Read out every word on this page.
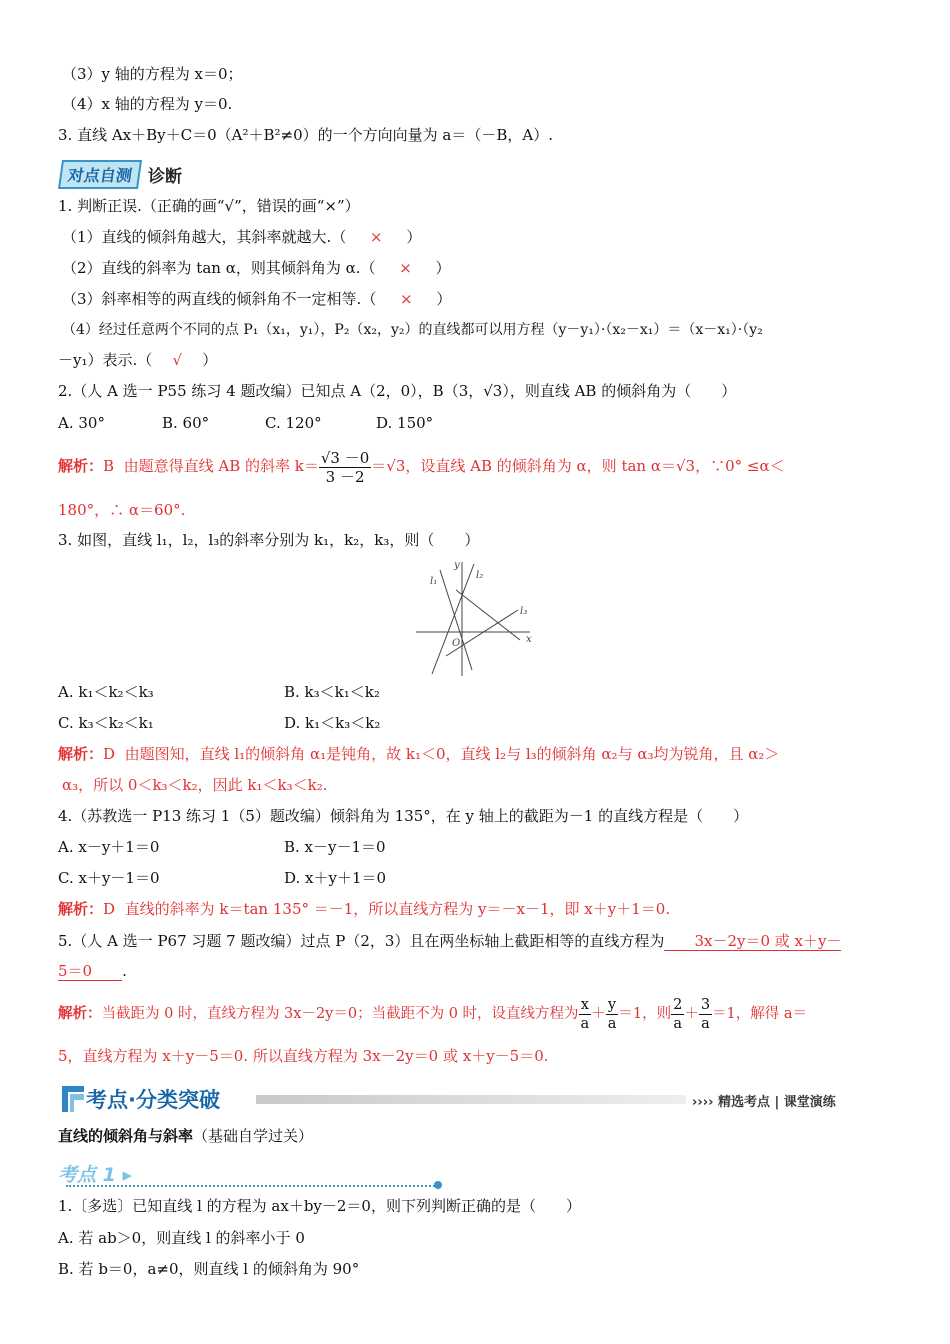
（3）y 轴的方程为 x＝0；
（4）x 轴的方程为 y＝0.
3. 直线 Ax＋By＋C＝0（A²＋B²≠0）的一个方向向量为 a＝（－B，A）.
对点自测 诊断
1. 判断正误.（正确的画“√”，错误的画“×”）
（1）直线的倾斜角越大，其斜率就越大.（ × ）
（2）直线的斜率为 tan α，则其倾斜角为 α.（ × ）
（3）斜率相等的两直线的倾斜角不一定相等.（ × ）
（4）经过任意两个不同的点 P₁（x₁，y₁），P₂（x₂，y₂）的直线都可以用方程（y－y₁）·（x₂－x₁）＝（x－x₁）·（y₂
－y₁）表示.（ √ ）
2.（人 A 选一 P55 练习 4 题改编）已知点 A（2，0），B（3，√3），则直线 AB 的倾斜角为（　　）
A. 30°	B. 60°	C. 120°	D. 150°
解析：B 由题意得直线 AB 的斜率 $k= \frac{√3 -0}{3 -2} =√3$，设直线 AB 的倾斜角为 α，则 tan α＝√3，∵0° ≤α＜
180°，∴ α＝60°.
3. 如图，直线 l₁，l₂，l₃的斜率分别为 k₁，k₂，k₃，则（　　）
l₁
l₂
l₃
x
y
O
A. k₁＜k₂＜k₃	B. k₃＜k₁＜k₂
C. k₃＜k₂＜k₁	D. k₁＜k₃＜k₂
解析：D 由题图知，直线 l₁的倾斜角 α₁是钝角，故 k₁＜0，直线 l₂与 l₃的倾斜角 α₂与 α₃均为锐角，且 α₂＞
α₃，所以 0＜k₃＜k₂，因此 k₁＜k₃＜k₂.
4.（苏教选一 P13 练习 1（5）题改编）倾斜角为 135°，在 y 轴上的截距为－1 的直线方程是（　　）
A. x－y＋1＝0	B. x－y－1＝0
C. x＋y－1＝0	D. x＋y＋1＝0
解析：D 直线的斜率为 k＝tan 135° ＝－1，所以直线方程为 y＝－x－1，即 x＋y＋1＝0.
5.（人 A 选一 P67 习题 7 题改编）过点 P（2，3）且在两坐标轴上截距相等的直线方程为 3x－2y＝0 或 x＋y－
5＝0 .
解析：当截距为 0 时，直线方程为 3x－2y＝0；当截距不为 0 时，设直线方程为 $\frac{x}{a} + \frac{y}{a} =1$，则 $\frac{2}{a} + \frac{3}{a} =1$，解得 a＝
5，直线方程为 x＋y－5＝0. 所以直线方程为 3x－2y＝0 或 x＋y－5＝0.
考点·分类突破	›››› 精选考点 | 课堂演练
直线的倾斜角与斜率（基础自学过关）
考点 1 ▸
1.〔多选〕已知直线 l 的方程为 ax＋by－2＝0，则下列判断正确的是（　　）
A. 若 ab＞0，则直线 l 的斜率小于 0
B. 若 b＝0，a≠0，则直线 l 的倾斜角为 90°
